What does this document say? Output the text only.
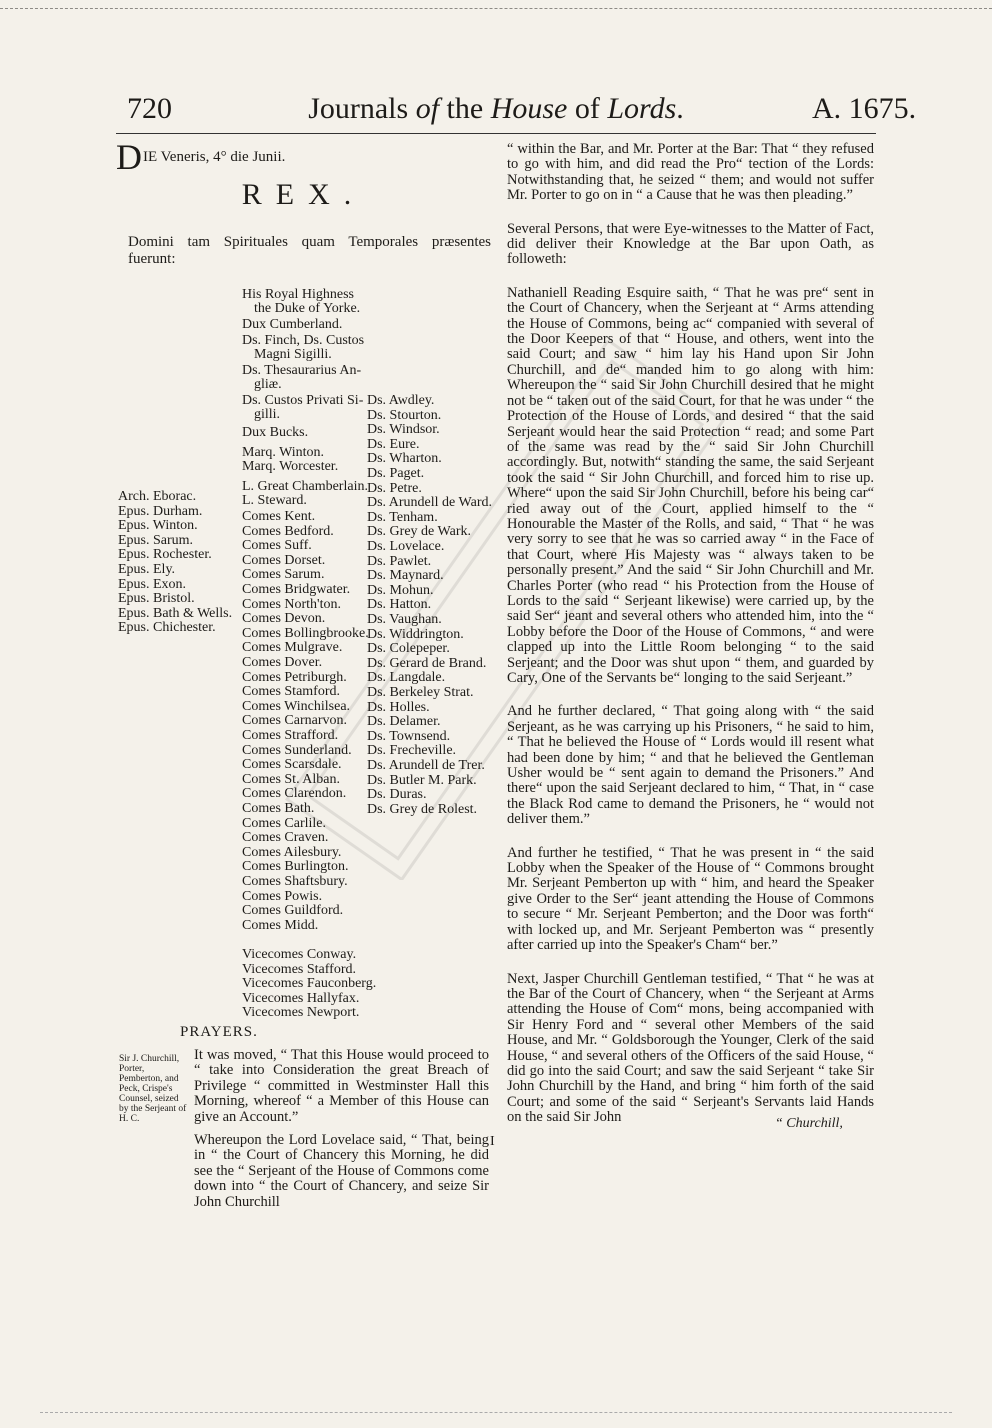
720	Journals of the House of Lords.	A. 1675.
DIE Veneris, 4° die Junii.
REX.
Domini tam Spirituales quam Temporales præsentes fuerunt:
Arch. Eborac.
Epus. Durham.
Epus. Winton.
Epus. Sarum.
Epus. Rochester.
Epus. Ely.
Epus. Exon.
Epus. Bristol.
Epus. Bath & Wells.
Epus. Chichester.
His Royal Highness
the Duke of Yorke.
Dux Cumberland.
Ds. Finch, Ds. Custos
Magni Sigilli.
Ds. Thesaurarius An-
gliæ.
Ds. Custos Privati Si-
gilli.
Dux Bucks.
Marq. Winton.
Marq. Worcester.
L. Great Chamberlain.
L. Steward.
Comes Kent.
Comes Bedford.
Comes Suff.
Comes Dorset.
Comes Sarum.
Comes Bridgwater.
Comes North'ton.
Comes Devon.
Comes Bollingbrooke.
Comes Mulgrave.
Comes Dover.
Comes Petriburgh.
Comes Stamford.
Comes Winchilsea.
Comes Carnarvon.
Comes Strafford.
Comes Sunderland.
Comes Scarsdale.
Comes St. Alban.
Comes Clarendon.
Comes Bath.
Comes Carlile.
Comes Craven.
Comes Ailesbury.
Comes Burlington.
Comes Shaftsbury.
Comes Powis.
Comes Guildford.
Comes Midd.
Vicecomes Conway.
Vicecomes Stafford.
Vicecomes Fauconberg.
Vicecomes Hallyfax.
Vicecomes Newport.
Ds. Awdley.
Ds. Stourton.
Ds. Windsor.
Ds. Eure.
Ds. Wharton.
Ds. Paget.
Ds. Petre.
Ds. Arundell de Ward.
Ds. Tenham.
Ds. Grey de Wark.
Ds. Lovelace.
Ds. Pawlet.
Ds. Maynard.
Ds. Mohun.
Ds. Hatton.
Ds. Vaughan.
Ds. Widdrington.
Ds. Colepeper.
Ds. Gerard de Brand.
Ds. Langdale.
Ds. Berkeley Strat.
Ds. Holles.
Ds. Delamer.
Ds. Townsend.
Ds. Frecheville.
Ds. Arundell de Trer.
Ds. Butler M. Park.
Ds. Duras.
Ds. Grey de Rolest.
PRAYERS.
Sir J. Churchill, Porter, Pemberton, and Peck, Crispe's Counsel, seized by the Serjeant of H. C.

It was moved, “ That this House would proceed to “ take into Consideration the great Breach of Privilege “ committed in Westminster Hall this Morning, whereof “ a Member of this House can give an Account.”

Whereupon the Lord Lovelace said, “ That, being in “ the Court of Chancery this Morning, he did see the “ Serjeant of the House of Commons come down into “ the Court of Chancery, and seize Sir John Churchill

“ within the Bar, and Mr. Porter at the Bar: That “ they refused to go with him, and did read the Pro“ tection of the Lords: Notwithstanding that, he seized “ them; and would not suffer Mr. Porter to go on in “ a Cause that he was then pleading.”

Several Persons, that were Eye-witnesses to the Matter of Fact, did deliver their Knowledge at the Bar upon Oath, as followeth:

Nathaniell Reading Esquire saith, “ That he was pre“ sent in the Court of Chancery, when the Serjeant at “ Arms attending the House of Commons, being ac“ companied with several of the Door Keepers of that “ House, and others, went into the said Court; and saw “ him lay his Hand upon Sir John Churchill, and de“ manded him to go along with him: Whereupon the “ said Sir John Churchill desired that he might not be “ taken out of the said Court, for that he was under “ the Protection of the House of Lords, and desired “ that the said Serjeant would hear the said Protection “ read; and some Part of the same was read by the “ said Sir John Churchill accordingly. But, notwith“ standing the same, the said Serjeant took the said “ Sir John Churchill, and forced him to rise up. Where“ upon the said Sir John Churchill, before his being car“ ried away out of the Court, applied himself to the “ Honourable the Master of the Rolls, and said, “ That “ he was very sorry to see that he was so carried away “ in the Face of that Court, where His Majesty was “ always taken to be personally present.” And the said “ Sir John Churchill and Mr. Charles Porter (who read “ his Protection from the House of Lords to the said “ Serjeant likewise) were carried up, by the said Ser“ jeant and several others who attended him, into the “ Lobby before the Door of the House of Commons, “ and were clapped up into the Little Room belonging “ to the said Serjeant; and the Door was shut upon “ them, and guarded by Cary, One of the Servants be“ longing to the said Serjeant.”

And he further declared, “ That going along with “ the said Serjeant, as he was carrying up his Prisoners, “ he said to him, “ That he believed the House of “ Lords would ill resent what had been done by him; “ and that he believed the Gentleman Usher would be “ sent again to demand the Prisoners.” And there“ upon the said Serjeant declared to him, “ That, in “ case the Black Rod came to demand the Prisoners, he “ would not deliver them.”

And further he testified, “ That he was present in “ the said Lobby when the Speaker of the House of “ Commons brought Mr. Serjeant Pemberton up with “ him, and heard the Speaker give Order to the Ser“ jeant attending the House of Commons to secure “ Mr. Serjeant Pemberton; and the Door was forth“ with locked up, and Mr. Serjeant Pemberton was “ presently after carried up into the Speaker's Cham“ ber.”

Next, Jasper Churchill Gentleman testified, “ That “ he was at the Bar of the Court of Chancery, when “ the Serjeant at Arms attending the House of Com“ mons, being accompanied with Sir Henry Ford and “ several other Members of the said House, and Mr. “ Goldsborough the Younger, Clerk of the said House, “ and several others of the Officers of the said House, “ did go into the said Court; and saw the said Serjeant “ take Sir John Churchill by the Hand, and bring “ him forth of the said Court; and some of the said “ Serjeant's Servants laid Hands on the said Sir John	“ Churchill,
I
